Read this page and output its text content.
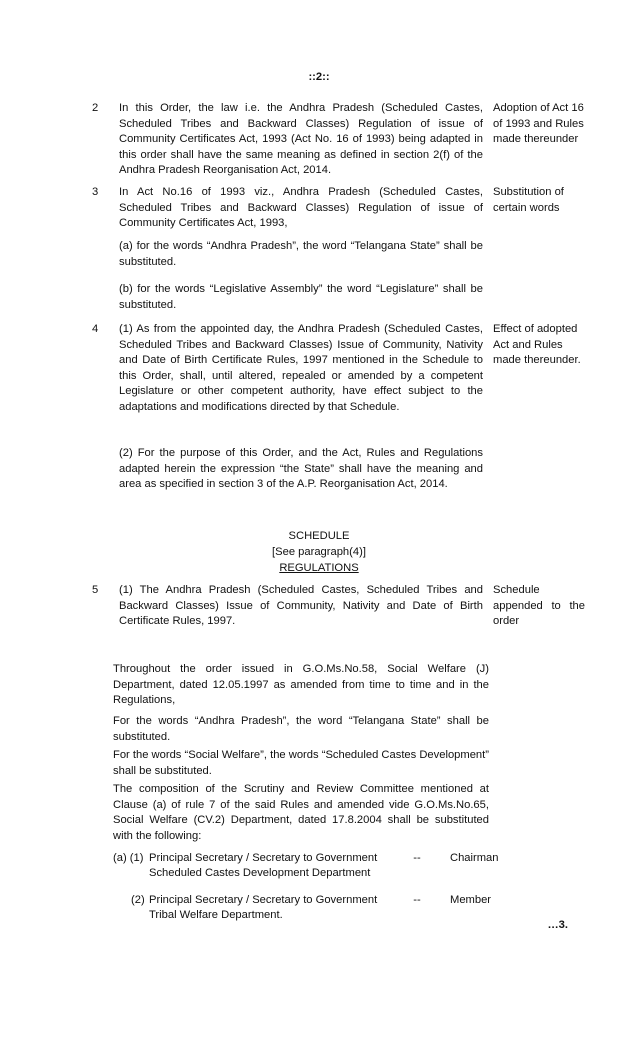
::2::
2	In this Order, the law i.e. the Andhra Pradesh (Scheduled Castes, Scheduled Tribes and Backward Classes) Regulation of issue of Community Certificates Act, 1993 (Act No. 16 of 1993) being adapted in this order shall have the same meaning as defined in section 2(f) of the Andhra Pradesh Reorganisation Act, 2014.
Adoption of Act 16 of 1993 and Rules made thereunder
3	In Act No.16 of 1993 viz., Andhra Pradesh (Scheduled Castes, Scheduled Tribes and Backward Classes) Regulation of issue of Community Certificates Act, 1993,
Substitution of certain words
(a) for the words “Andhra Pradesh”, the word “Telangana State” shall be substituted.
(b) for the words “Legislative Assembly” the word “Legislature” shall be substituted.
4	(1) As from the appointed day, the Andhra Pradesh (Scheduled Castes, Scheduled Tribes and Backward Classes) Issue of Community, Nativity and Date of Birth Certificate Rules, 1997 mentioned in the Schedule to this Order, shall, until altered, repealed or amended by a competent Legislature or other competent authority, have effect subject to the adaptations and modifications directed by that Schedule.
Effect of adopted Act and Rules made thereunder.
(2) For the purpose of this Order, and the Act, Rules and Regulations adapted herein the expression “the State” shall have the meaning and area as specified in section 3 of the A.P. Reorganisation Act, 2014.
SCHEDULE
[See paragraph(4)]
REGULATIONS
5	(1) The Andhra Pradesh (Scheduled Castes, Scheduled Tribes and Backward Classes) Issue of Community, Nativity and Date of Birth Certificate Rules, 1997.
Schedule appended to the order
Throughout the order issued in G.O.Ms.No.58, Social Welfare (J) Department, dated 12.05.1997 as amended from time to time and in the Regulations,
For the words “Andhra Pradesh”, the word “Telangana State” shall be substituted.
For the words “Social Welfare”, the words “Scheduled Castes Development” shall be substituted.
The composition of the Scrutiny and Review Committee mentioned at Clause (a) of rule 7 of the said Rules and amended vide G.O.Ms.No.65, Social Welfare (CV.2) Department, dated 17.8.2004 shall be substituted with the following:
(a) (1) Principal Secretary / Secretary to Government
Scheduled Castes Development Department
--	Chairman
(2) Principal Secretary / Secretary to Government
Tribal Welfare Department.
--	Member
…3.
